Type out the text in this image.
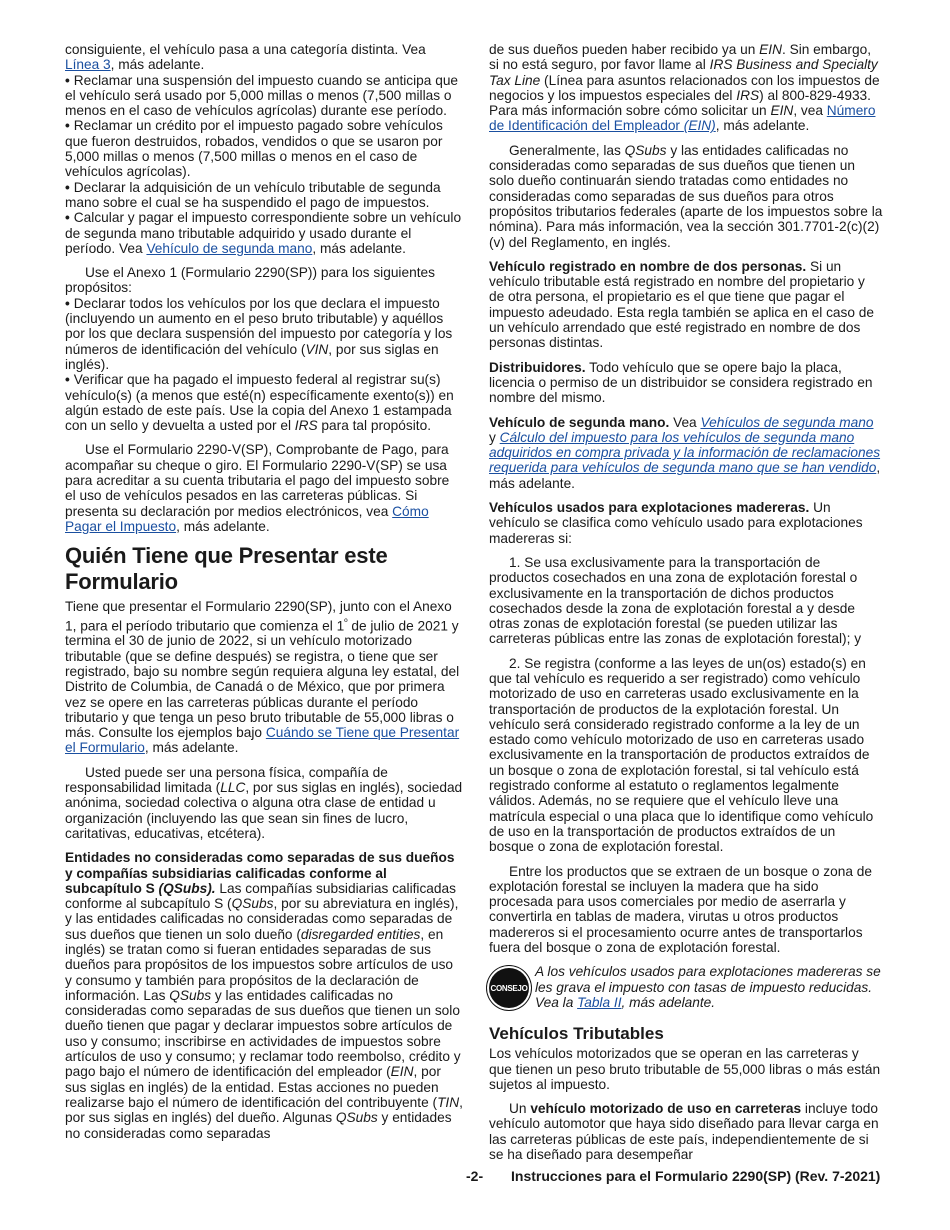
consiguiente, el vehículo pasa a una categoría distinta. Vea Línea 3, más adelante.

• Reclamar una suspensión del impuesto cuando se anticipa que el vehículo será usado por 5,000 millas o menos (7,500 millas o menos en el caso de vehículos agrícolas) durante ese período.

• Reclamar un crédito por el impuesto pagado sobre vehículos que fueron destruidos, robados, vendidos o que se usaron por 5,000 millas o menos (7,500 millas o menos en el caso de vehículos agrícolas).

• Declarar la adquisición de un vehículo tributable de segunda mano sobre el cual se ha suspendido el pago de impuestos.

• Calcular y pagar el impuesto correspondiente sobre un vehículo de segunda mano tributable adquirido y usado durante el período. Vea Vehículo de segunda mano, más adelante.

Use el Anexo 1 (Formulario 2290(SP)) para los siguientes propósitos:

• Declarar todos los vehículos por los que declara el impuesto (incluyendo un aumento en el peso bruto tributable) y aquéllos por los que declara suspensión del impuesto por categoría y los números de identificación del vehículo (VIN, por sus siglas en inglés).

• Verificar que ha pagado el impuesto federal al registrar su(s) vehículo(s) (a menos que esté(n) específicamente exento(s)) en algún estado de este país. Use la copia del Anexo 1 estampada con un sello y devuelta a usted por el IRS para tal propósito.

Use el Formulario 2290-V(SP), Comprobante de Pago, para acompañar su cheque o giro. El Formulario 2290-V(SP) se usa para acreditar a su cuenta tributaria el pago del impuesto sobre el uso de vehículos pesados en las carreteras públicas. Si presenta su declaración por medios electrónicos, vea Cómo Pagar el Impuesto, más adelante.

Quién Tiene que Presentar este Formulario

Tiene que presentar el Formulario 2290(SP), junto con el Anexo 1, para el período tributario que comienza el $1^º$ de julio de 2021 y termina el 30 de junio de 2022, si un vehículo motorizado tributable (que se define después) se registra, o tiene que ser registrado, bajo su nombre según requiera alguna ley estatal, del Distrito de Columbia, de Canadá o de México, que por primera vez se opere en las carreteras públicas durante el período tributario y que tenga un peso bruto tributable de 55,000 libras o más. Consulte los ejemplos bajo Cuándo se Tiene que Presentar el Formulario, más adelante.

Usted puede ser una persona física, compañía de responsabilidad limitada (LLC, por sus siglas en inglés), sociedad anónima, sociedad colectiva o alguna otra clase de entidad u organización (incluyendo las que sean sin fines de lucro, caritativas, educativas, etcétera).

Entidades no consideradas como separadas de sus dueños y compañías subsidiarias calificadas conforme al subcapítulo S (QSubs). Las compañías subsidiarias calificadas conforme al subcapítulo S (QSubs, por su abreviatura en inglés), y las entidades calificadas no consideradas como separadas de sus dueños que tienen un solo dueño (disregarded entities, en inglés) se tratan como si fueran entidades separadas de sus dueños para propósitos de los impuestos sobre artículos de uso y consumo y también para propósitos de la declaración de información. Las QSubs y las entidades calificadas no consideradas como separadas de sus dueños que tienen un solo dueño tienen que pagar y declarar impuestos sobre artículos de uso y consumo; inscribirse en actividades de impuestos sobre artículos de uso y consumo; y reclamar todo reembolso, crédito y pago bajo el número de identificación del empleador (EIN, por sus siglas en inglés) de la entidad. Estas acciones no pueden realizarse bajo el número de identificación del contribuyente (TIN, por sus siglas en inglés) del dueño. Algunas QSubs y entidades no consideradas como separadas

de sus dueños pueden haber recibido ya un EIN. Sin embargo, si no está seguro, por favor llame al IRS Business and Specialty Tax Line (Línea para asuntos relacionados con los impuestos de negocios y los impuestos especiales del IRS) al 800-829-4933. Para más información sobre cómo solicitar un EIN, vea Número de Identificación del Empleador (EIN), más adelante.

Generalmente, las QSubs y las entidades calificadas no consideradas como separadas de sus dueños que tienen un solo dueño continuarán siendo tratadas como entidades no consideradas como separadas de sus dueños para otros propósitos tributarios federales (aparte de los impuestos sobre la nómina). Para más información, vea la sección 301.7701-2(c)(2)(v) del Reglamento, en inglés.

Vehículo registrado en nombre de dos personas. Si un vehículo tributable está registrado en nombre del propietario y de otra persona, el propietario es el que tiene que pagar el impuesto adeudado. Esta regla también se aplica en el caso de un vehículo arrendado que esté registrado en nombre de dos personas distintas.

Distribuidores. Todo vehículo que se opere bajo la placa, licencia o permiso de un distribuidor se considera registrado en nombre del mismo.

Vehículo de segunda mano. Vea Vehículos de segunda mano y Cálculo del impuesto para los vehículos de segunda mano adquiridos en compra privada y la información de reclamaciones requerida para vehículos de segunda mano que se han vendido, más adelante.

Vehículos usados para explotaciones madereras. Un vehículo se clasifica como vehículo usado para explotaciones madereras si:

1. Se usa exclusivamente para la transportación de productos cosechados en una zona de explotación forestal o exclusivamente en la transportación de dichos productos cosechados desde la zona de explotación forestal a y desde otras zonas de explotación forestal (se pueden utilizar las carreteras públicas entre las zonas de explotación forestal); y

2. Se registra (conforme a las leyes de un(os) estado(s) en que tal vehículo es requerido a ser registrado) como vehículo motorizado de uso en carreteras usado exclusivamente en la transportación de productos de la explotación forestal. Un vehículo será considerado registrado conforme a la ley de un estado como vehículo motorizado de uso en carreteras usado exclusivamente en la transportación de productos extraídos de un bosque o zona de explotación forestal, si tal vehículo está registrado conforme al estatuto o reglamentos legalmente válidos. Además, no se requiere que el vehículo lleve una matrícula especial o una placa que lo identifique como vehículo de uso en la transportación de productos extraídos de un bosque o zona de explotación forestal.

Entre los productos que se extraen de un bosque o zona de explotación forestal se incluyen la madera que ha sido procesada para usos comerciales por medio de aserrarla y convertirla en tablas de madera, virutas u otros productos madereros si el procesamiento ocurre antes de transportarlos fuera del bosque o zona de explotación forestal.

CONSEJO
A los vehículos usados para explotaciones madereras se les grava el impuesto con tasas de impuesto reducidas. Vea la Tabla II, más adelante.
Vehículos Tributables

Los vehículos motorizados que se operan en las carreteras y que tienen un peso bruto tributable de 55,000 libras o más están sujetos al impuesto.

Un vehículo motorizado de uso en carreteras incluye todo vehículo automotor que haya sido diseñado para llevar carga en las carreteras públicas de este país, independientemente de si se ha diseñado para desempeñar

-2- Instrucciones para el Formulario 2290(SP) (Rev. 7-2021)
